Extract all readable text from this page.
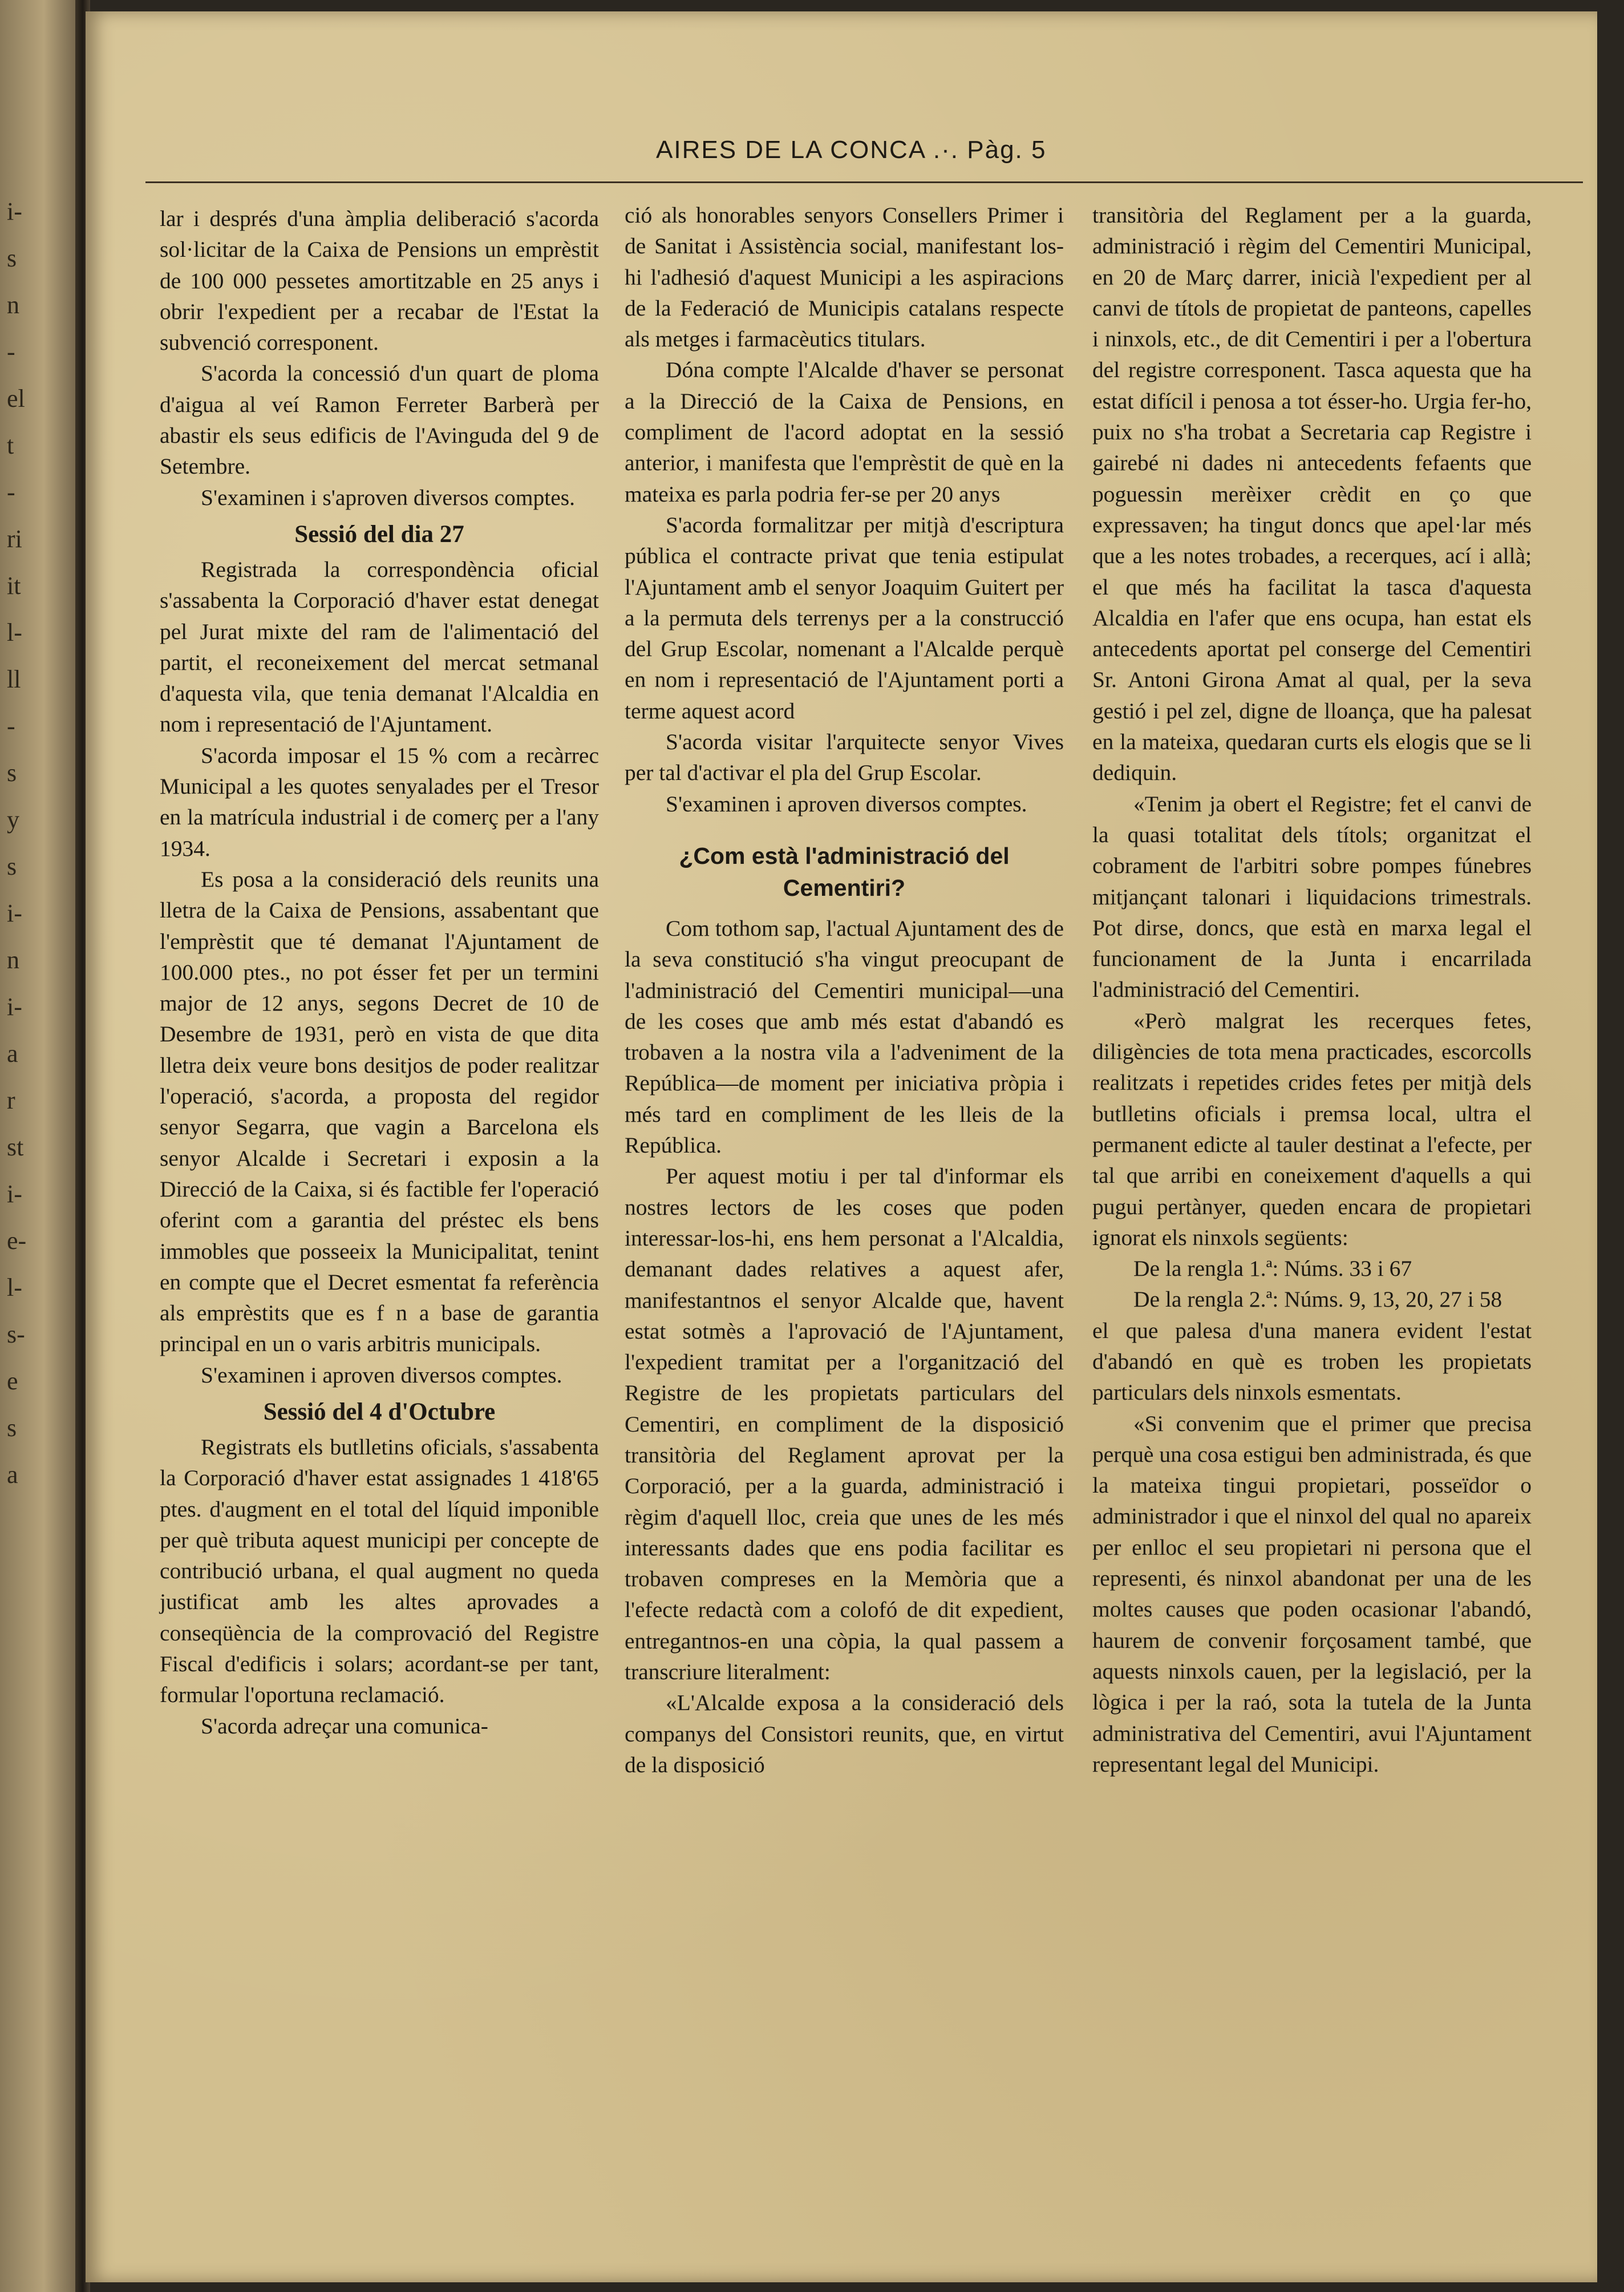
i-
s
n
-
el
t
-
ri
it
l-
ll
-
s
y
s
i-
n
i-
a
r
st
i-
e-
l-
s-
e
s
a
AIRES DE LA CONCA .·. Pàg. 5

lar i després d'una àmplia deliberació s'acorda sol·licitar de la Caixa de Pensions un emprèstit de 100 000 pessetes amortitzable en 25 anys i obrir l'expedient per a recabar de l'Estat la subvenció corresponent.

S'acorda la concessió d'un quart de ploma d'aigua al veí Ramon Ferreter Barberà per abastir els seus edificis de l'Avinguda del 9 de Setembre.

S'examinen i s'aproven diversos comptes.

Sessió del dia 27

Registrada la correspondència oficial s'assabenta la Corporació d'haver estat denegat pel Jurat mixte del ram de l'alimentació del partit, el reconeixement del mercat setmanal d'aquesta vila, que tenia demanat l'Alcaldia en nom i representació de l'Ajuntament.

S'acorda imposar el 15 % com a recàrrec Municipal a les quotes senyalades per el Tresor en la matrícula industrial i de comerç per a l'any 1934.

Es posa a la consideració dels reunits una lletra de la Caixa de Pensions, assabentant que l'emprèstit que té demanat l'Ajuntament de 100.000 ptes., no pot ésser fet per un termini major de 12 anys, segons Decret de 10 de Desembre de 1931, però en vista de que dita lletra deix veure bons desitjos de poder realitzar l'operació, s'acorda, a proposta del regidor senyor Segarra, que vagin a Barcelona els senyor Alcalde i Secretari i exposin a la Direcció de la Caixa, si és factible fer l'operació oferint com a garantia del préstec els bens immobles que posseeix la Municipalitat, tenint en compte que el Decret esmentat fa referència als emprèstits que es f n a base de garantia principal en un o varis arbitris municipals.

S'examinen i aproven diversos comptes.

Sessió del 4 d'Octubre

Registrats els butlletins oficials, s'assabenta la Corporació d'haver estat assignades 1 418'65 ptes. d'augment en el total del líquid imponible per què tributa aquest municipi per concepte de contribució urbana, el qual augment no queda justificat amb les altes aprovades a conseqüència de la comprovació del Registre Fiscal d'edificis i solars; acordant-se per tant, formular l'oportuna reclamació.

S'acorda adreçar una comunica-

ció als honorables senyors Consellers Primer i de Sanitat i Assistència social, manifestant los-hi l'adhesió d'aquest Municipi a les aspiracions de la Federació de Municipis catalans respecte als metges i farmacèutics titulars.

Dóna compte l'Alcalde d'haver se personat a la Direcció de la Caixa de Pensions, en compliment de l'acord adoptat en la sessió anterior, i manifesta que l'emprèstit de què en la mateixa es parla podria fer-se per 20 anys

S'acorda formalitzar per mitjà d'escriptura pública el contracte privat que tenia estipulat l'Ajuntament amb el senyor Joaquim Guitert per a la permuta dels terrenys per a la construcció del Grup Escolar, nomenant a l'Alcalde perquè en nom i representació de l'Ajuntament porti a terme aquest acord

S'acorda visitar l'arquitecte senyor Vives per tal d'activar el pla del Grup Escolar.

S'examinen i aproven diversos comptes.

¿Com està l'administració del Cementiri?

Com tothom sap, l'actual Ajuntament des de la seva constitució s'ha vingut preocupant de l'administració del Cementiri municipal—una de les coses que amb més estat d'abandó es trobaven a la nostra vila a l'adveniment de la República—de moment per iniciativa pròpia i més tard en compliment de les lleis de la República.

Per aquest motiu i per tal d'informar els nostres lectors de les coses que poden interessar-los-hi, ens hem personat a l'Alcaldia, demanant dades relatives a aquest afer, manifestantnos el senyor Alcalde que, havent estat sotmès a l'aprovació de l'Ajuntament, l'expedient tramitat per a l'organització del Registre de les propietats particulars del Cementiri, en compliment de la disposició transitòria del Reglament aprovat per la Corporació, per a la guarda, administració i règim d'aquell lloc, creia que unes de les més interessants dades que ens podia facilitar es trobaven compreses en la Memòria que a l'efecte redactà com a colofó de dit expedient, entregantnos-en una còpia, la qual passem a transcriure literalment:

«L'Alcalde exposa a la consideració dels companys del Consistori reunits, que, en virtut de la disposició

transitòria del Reglament per a la guarda, administració i règim del Cementiri Municipal, en 20 de Març darrer, inicià l'expedient per al canvi de títols de propietat de panteons, capelles i ninxols, etc., de dit Cementiri i per a l'obertura del registre corresponent. Tasca aquesta que ha estat difícil i penosa a tot ésser-ho. Urgia fer-ho, puix no s'ha trobat a Secretaria cap Registre i gairebé ni dades ni antecedents fefaents que poguessin merèixer crèdit en ço que expressaven; ha tingut doncs que apel·lar més que a les notes trobades, a recerques, ací i allà; el que més ha facilitat la tasca d'aquesta Alcaldia en l'afer que ens ocupa, han estat els antecedents aportat pel conserge del Cementiri Sr. Antoni Girona Amat al qual, per la seva gestió i pel zel, digne de lloança, que ha palesat en la mateixa, quedaran curts els elogis que se li dediquin.

«Tenim ja obert el Registre; fet el canvi de la quasi totalitat dels títols; organitzat el cobrament de l'arbitri sobre pompes fúnebres mitjançant talonari i liquidacions trimestrals. Pot dirse, doncs, que està en marxa legal el funcionament de la Junta i encarrilada l'administració del Cementiri.

«Però malgrat les recerques fetes, diligències de tota mena practicades, escorcolls realitzats i repetides crides fetes per mitjà dels butlletins oficials i premsa local, ultra el permanent edicte al tauler destinat a l'efecte, per tal que arribi en coneixement d'aquells a qui pugui pertànyer, queden encara de propietari ignorat els ninxols següents:

De la rengla 1.ª: Núms. 33 i 67

De la rengla 2.ª: Núms. 9, 13, 20, 27 i 58

el que palesa d'una manera evident l'estat d'abandó en què es troben les propietats particulars dels ninxols esmentats.

«Si convenim que el primer que precisa perquè una cosa estigui ben administrada, és que la mateixa tingui propietari, posseïdor o administrador i que el ninxol del qual no apareix per enlloc el seu propietari ni persona que el representi, és ninxol abandonat per una de les moltes causes que poden ocasionar l'abandó, haurem de convenir forçosament també, que aquests ninxols cauen, per la legislació, per la lògica i per la raó, sota la tutela de la Junta administrativa del Cementiri, avui l'Ajuntament representant legal del Municipi.
